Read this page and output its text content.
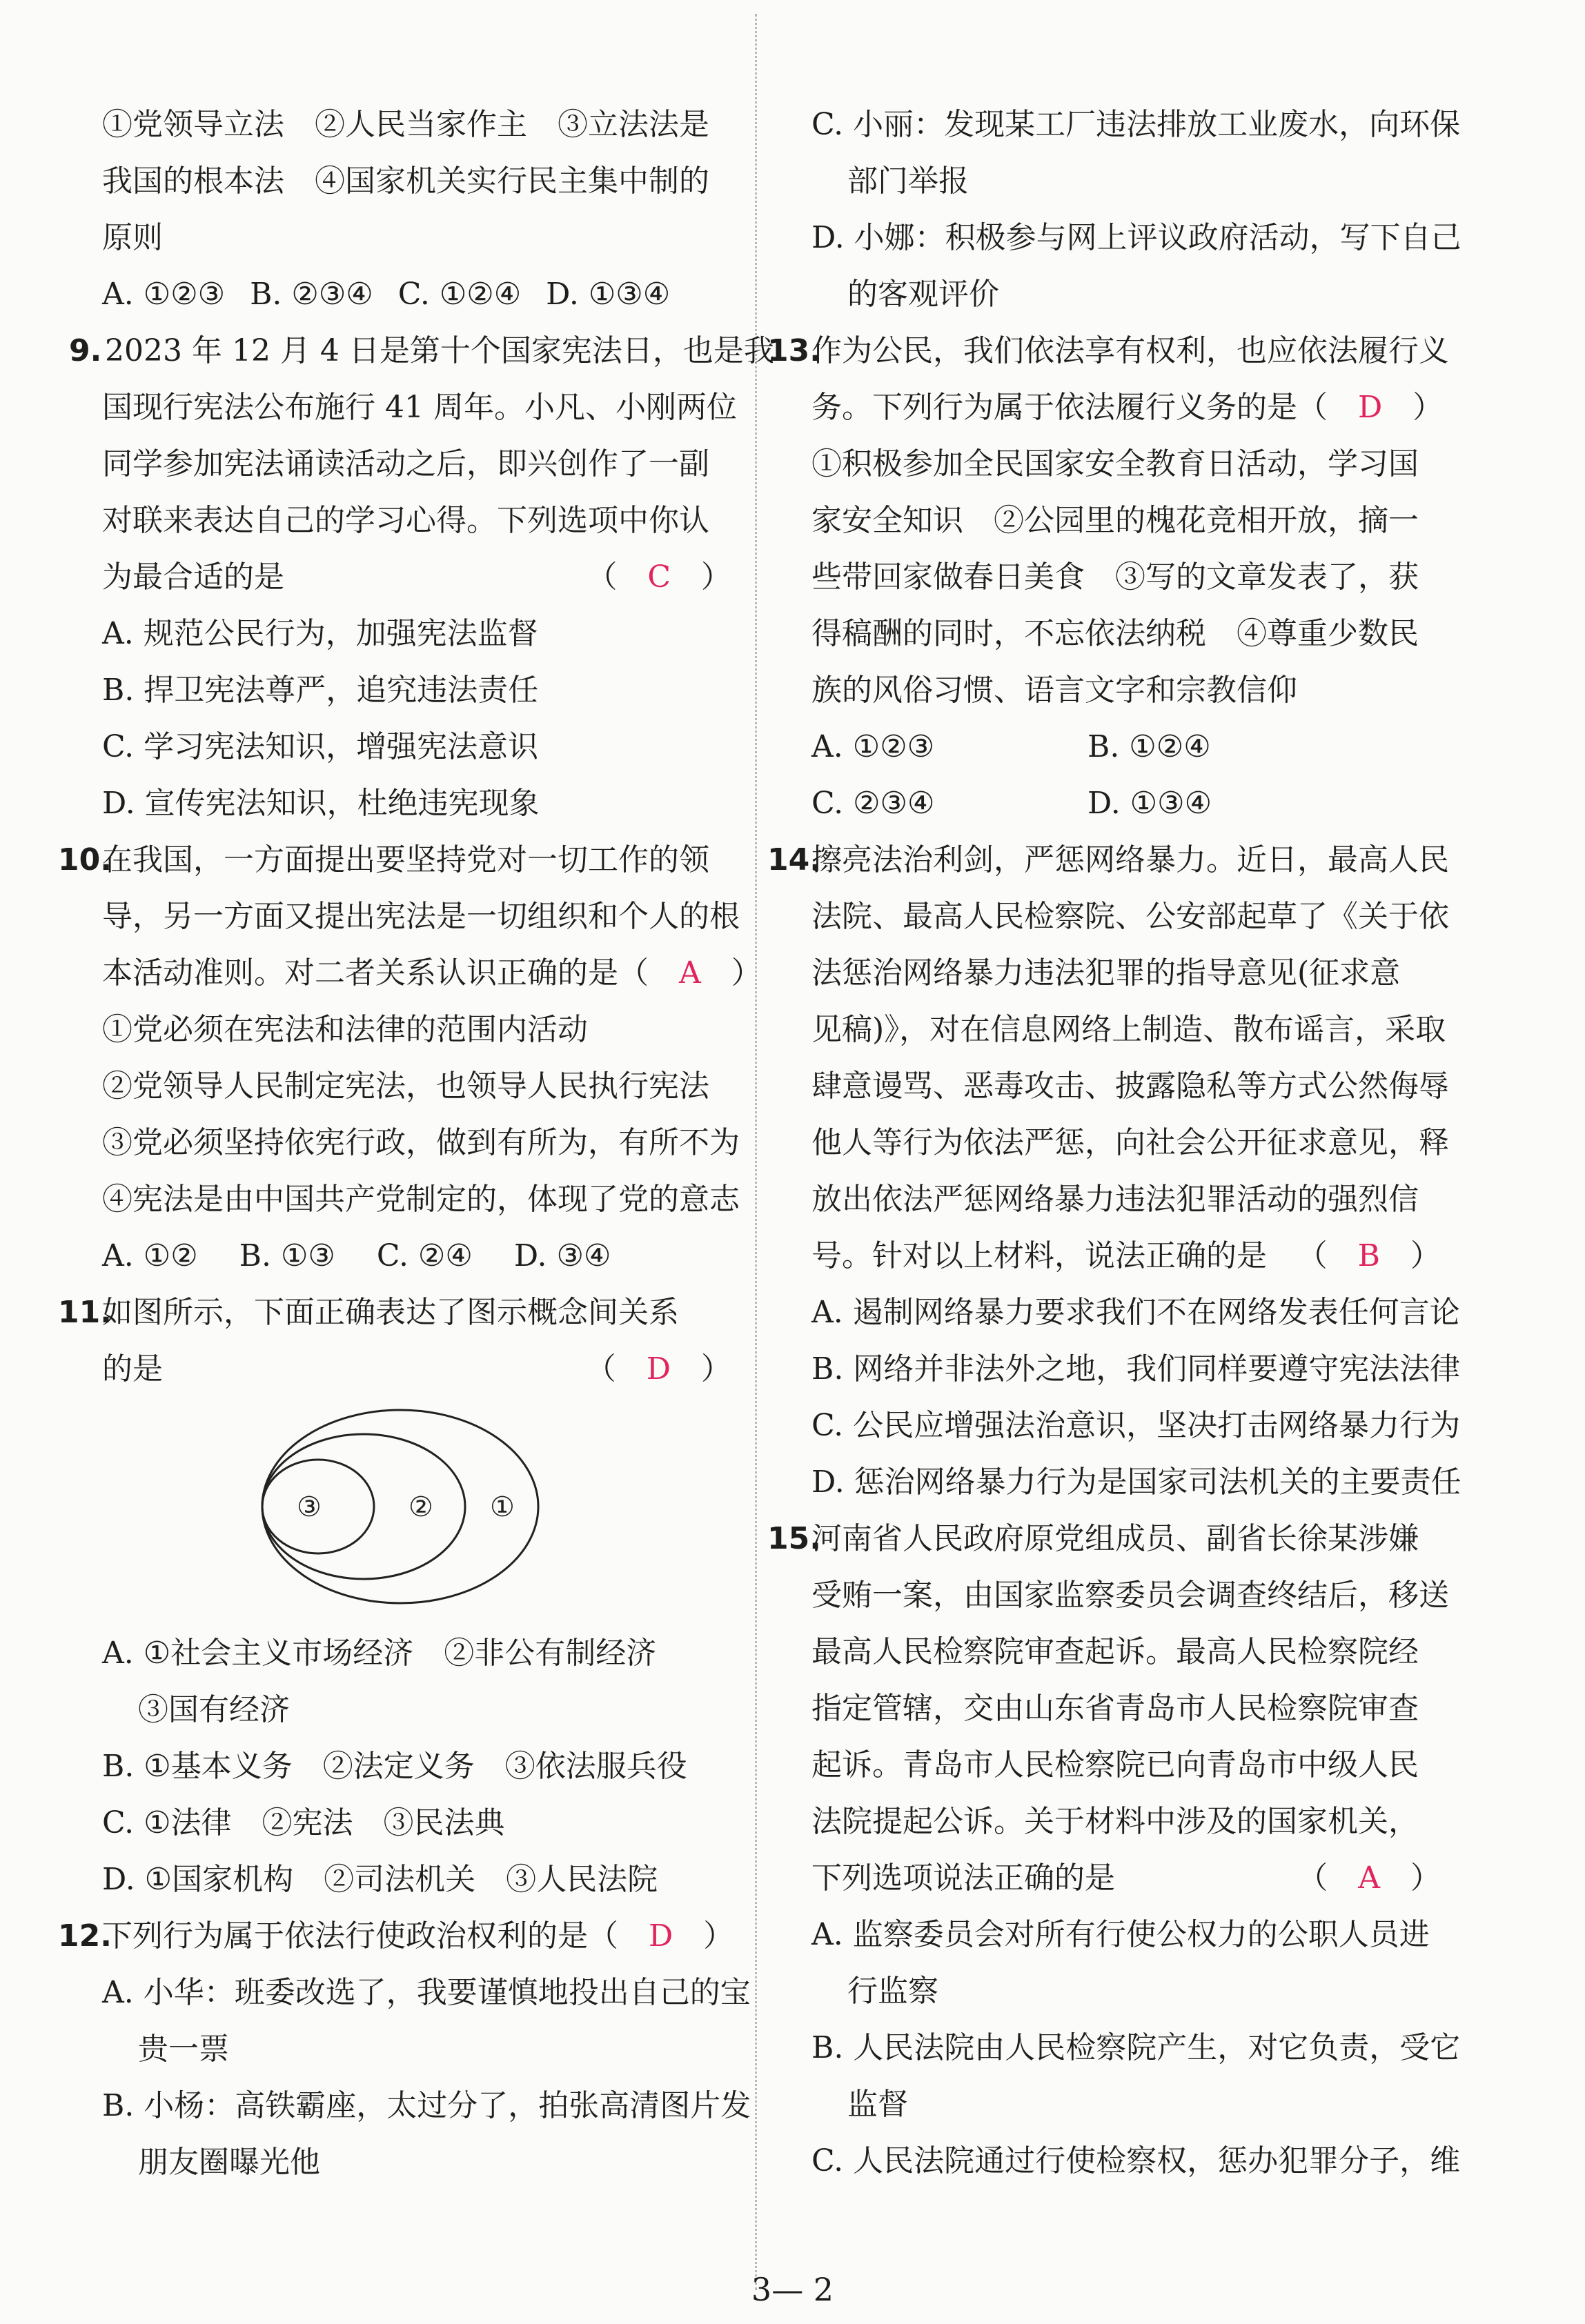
①党领导立法　②人民当家作主　③立法法是
我国的根本法　④国家机关实行民主集中制的
原则
A. ①②③ B. ②③④ C. ①②④ D. ①③④
9. 2023 年 12 月 4 日是第十个国家宪法日，也是我
国现行宪法公布施行 41 周年。小凡、小刚两位
同学参加宪法诵读活动之后，即兴创作了一副
对联来表达自己的学习心得。下列选项中你认
为最合适的是	（　C　）
A. 规范公民行为，加强宪法监督
B. 捍卫宪法尊严，追究违法责任
C. 学习宪法知识，增强宪法意识
D. 宣传宪法知识，杜绝违宪现象
10.
在我国，一方面提出要坚持党对一切工作的领
导，另一方面又提出宪法是一切组织和个人的根
本活动准则。对二者关系认识正确的是 （　A　）
①党必须在宪法和法律的范围内活动
②党领导人民制定宪法，也领导人民执行宪法
③党必须坚持依宪行政，做到有所为，有所不为
④宪法是由中国共产党制定的，体现了党的意志
A. ①② B. ①③ C. ②④ D. ③④
11.
如图所示，下面正确表达了图示概念间关系
的是	（　D　）
③	② ①
A. ①社会主义市场经济　②非公有制经济
③国有经济
B. ①基本义务　②法定义务　③依法服兵役
C. ①法律　②宪法　③民法典
D. ①国家机构　②司法机关　③人民法院
12.
下列行为属于依法行使政治权利的是 （　D　）
A. 小华：班委改选了，我要谨慎地投出自己的宝
贵一票
B. 小杨：高铁霸座，太过分了，拍张高清图片发
朋友圈曝光他
C. 小丽：发现某工厂违法排放工业废水，向环保
部门举报
D. 小娜：积极参与网上评议政府活动，写下自己
的客观评价
13.
作为公民，我们依法享有权利，也应依法履行义
务。下列行为属于依法履行义务的是 （　D　）
①积极参加全民国家安全教育日活动，学习国
家安全知识　②公园里的槐花竞相开放，摘一
些带回家做春日美食　③写的文章发表了，获
得稿酬的同时，不忘依法纳税　④尊重少数民
族的风俗习惯、语言文字和宗教信仰
A. ①②③	B. ①②④
C. ②③④	D. ①③④
14.
擦亮法治利剑，严惩网络暴力。近日，最高人民
法院、最高人民检察院、公安部起草了《关于依
法惩治网络暴力违法犯罪的指导意见(征求意
见稿)》，对在信息网络上制造、散布谣言，采取
肆意谩骂、恶毒攻击、披露隐私等方式公然侮辱
他人等行为依法严惩，向社会公开征求意见，释
放出依法严惩网络暴力违法犯罪活动的强烈信
号。针对以上材料，说法正确的是 （　B　）
A. 遏制网络暴力要求我们不在网络发表任何言论
B. 网络并非法外之地，我们同样要遵守宪法法律
C. 公民应增强法治意识，坚决打击网络暴力行为
D. 惩治网络暴力行为是国家司法机关的主要责任
15.
河南省人民政府原党组成员、副省长徐某涉嫌
受贿一案，由国家监察委员会调查终结后，移送
最高人民检察院审查起诉。最高人民检察院经
指定管辖，交由山东省青岛市人民检察院审查
起诉。青岛市人民检察院已向青岛市中级人民
法院提起公诉。关于材料中涉及的国家机关，
下列选项说法正确的是	（　A　）
A. 监察委员会对所有行使公权力的公职人员进
行监察
B. 人民法院由人民检察院产生，对它负责，受它
监督
C. 人民法院通过行使检察权，惩办犯罪分子，维
3— 2
